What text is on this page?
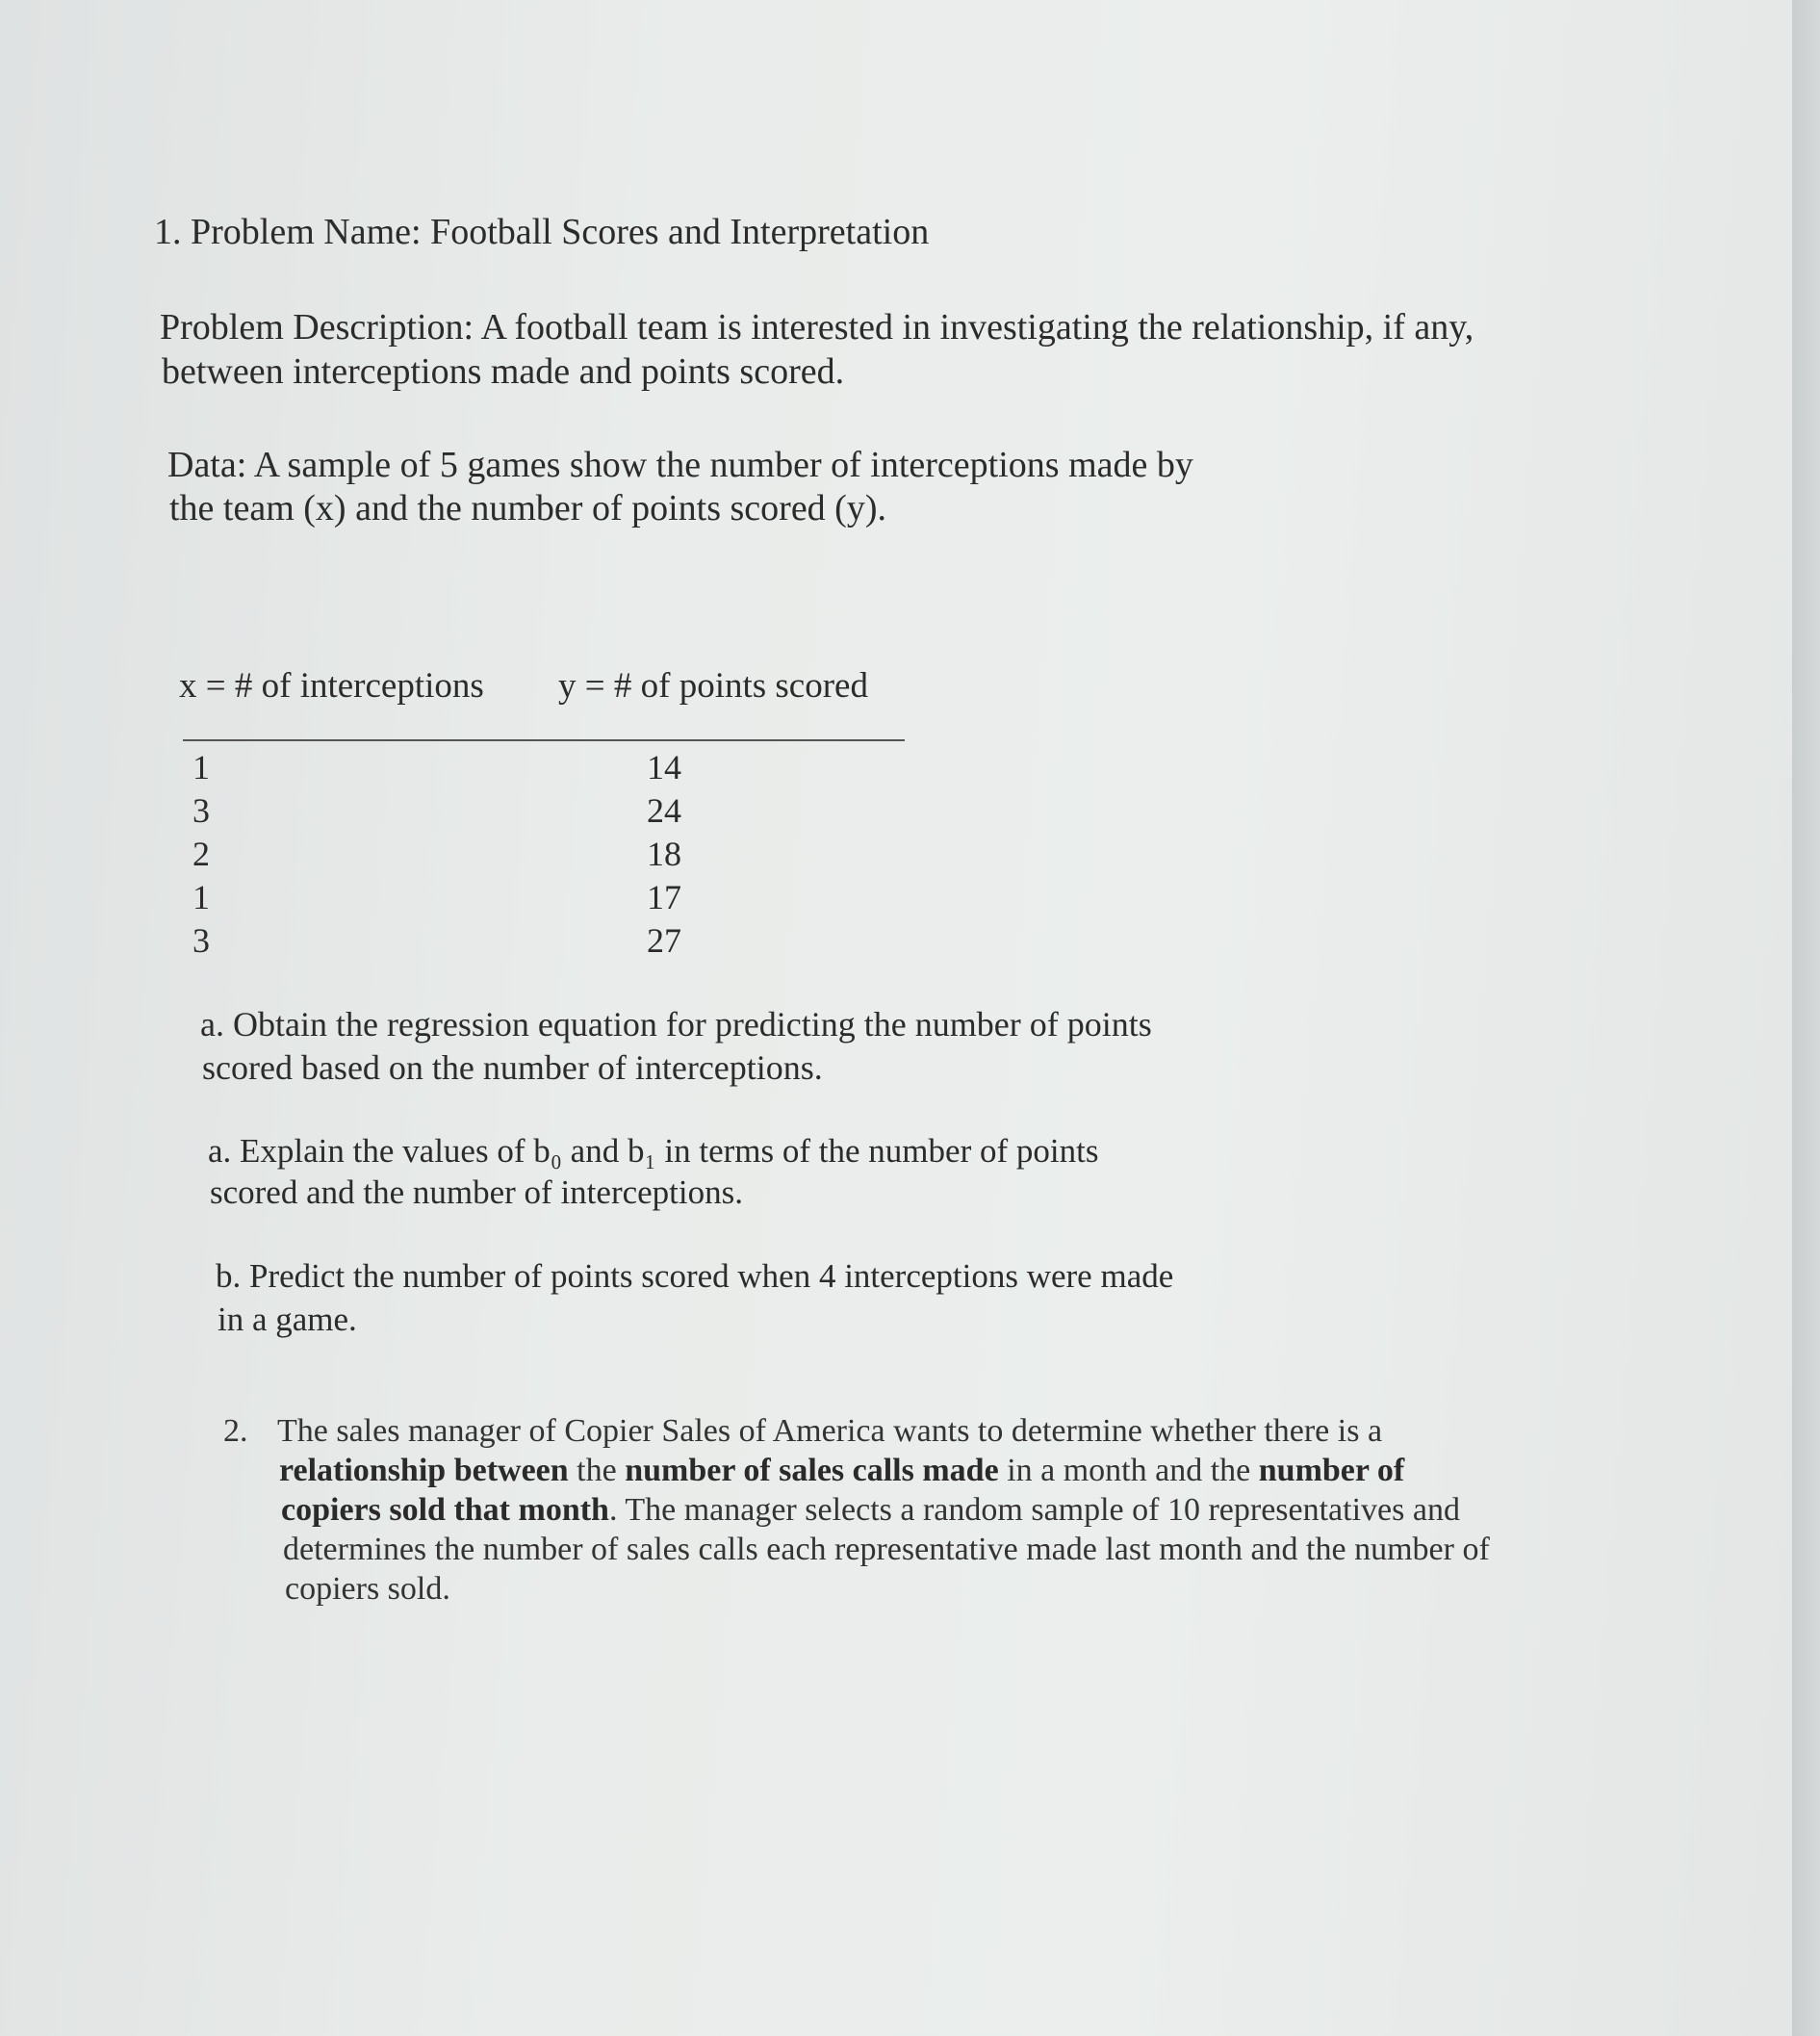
1. Problem Name: Football Scores and Interpretation

Problem Description: A football team is interested in investigating the relationship, if any,

between interceptions made and points scored.

Data: A sample of 5 games show the number of interceptions made by

the team (x) and the number of points scored (y).

x = # of interceptions y = # of points scored

1
3
2
1
3
14
24
18
17
27

a. Obtain the regression equation for predicting the number of points

scored based on the number of interceptions.

a. Explain the values of b₀ and b₁ in terms of the number of points

scored and the number of interceptions.

b. Predict the number of points scored when 4 interceptions were made

in a game.

2. The sales manager of Copier Sales of America wants to determine whether there is a

relationship between the number of sales calls made in a month and the number of

copiers sold that month. The manager selects a random sample of 10 representatives and

determines the number of sales calls each representative made last month and the number of

copiers sold.
